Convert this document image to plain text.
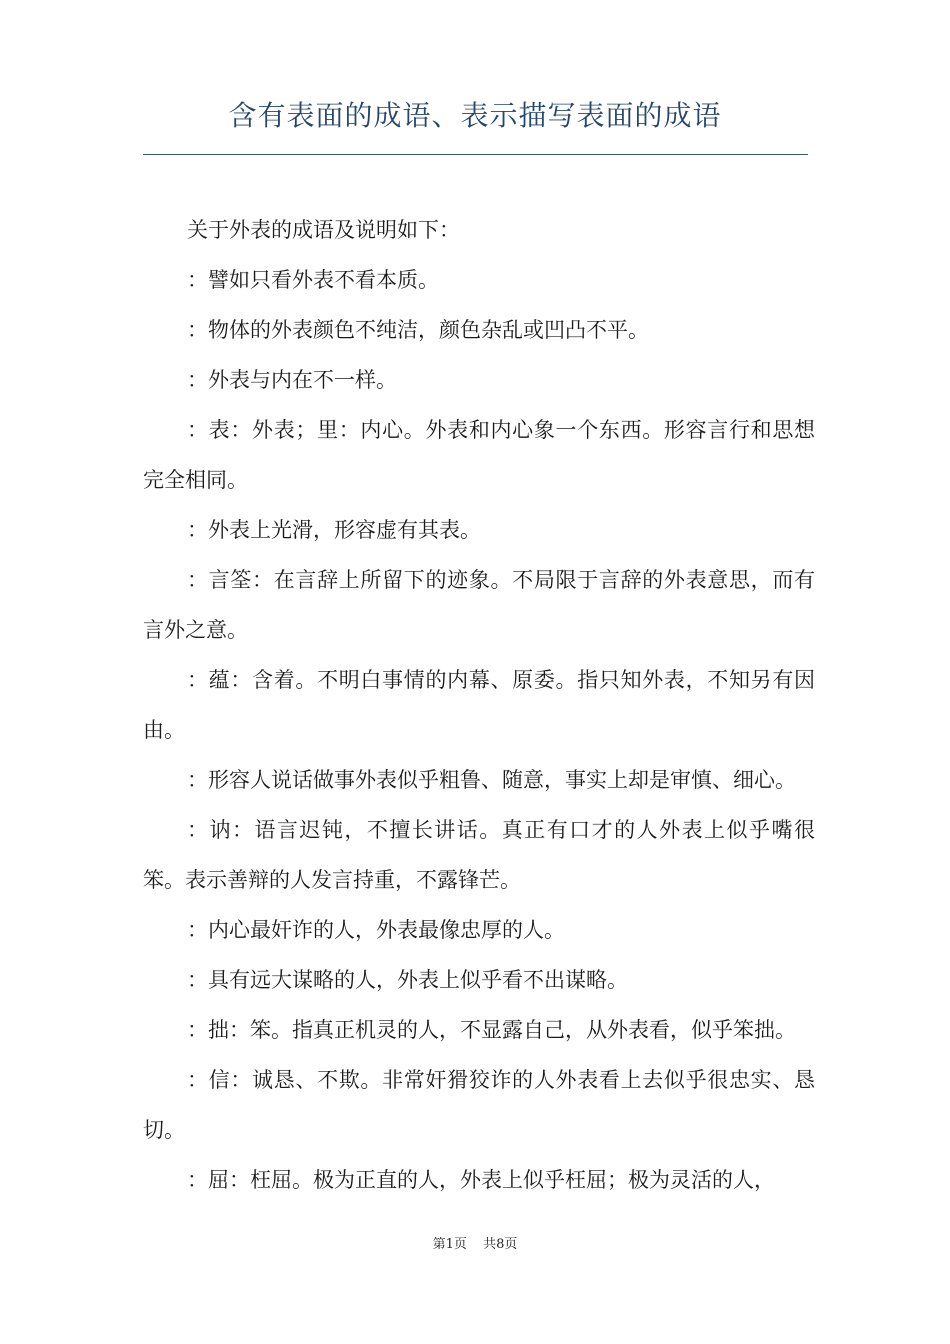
含有表面的成语、表示描写表面的成语

关于外表的成语及说明如下：

：譬如只看外表不看本质。

：物体的外表颜色不纯洁，颜色杂乱或凹凸不平。

：外表与内在不一样。

：表：外表；里：内心。外表和内心象一个东西。形容言行和思想完全相同。

：外表上光滑，形容虚有其表。

：言筌：在言辞上所留下的迹象。不局限于言辞的外表意思，而有言外之意。

：蕴：含着。不明白事情的内幕、原委。指只知外表，不知另有因由。

：形容人说话做事外表似乎粗鲁、随意，事实上却是审慎、细心。

：讷：语言迟钝，不擅长讲话。真正有口才的人外表上似乎嘴很笨。表示善辩的人发言持重，不露锋芒。

：内心最奸诈的人，外表最像忠厚的人。

：具有远大谋略的人，外表上似乎看不出谋略。

：拙：笨。指真正机灵的人，不显露自己，从外表看，似乎笨拙。

：信：诚恳、不欺。非常奸猾狡诈的人外表看上去似乎很忠实、恳切。

：屈：枉屈。极为正直的人，外表上似乎枉屈；极为灵活的人，

第1页 共8页
